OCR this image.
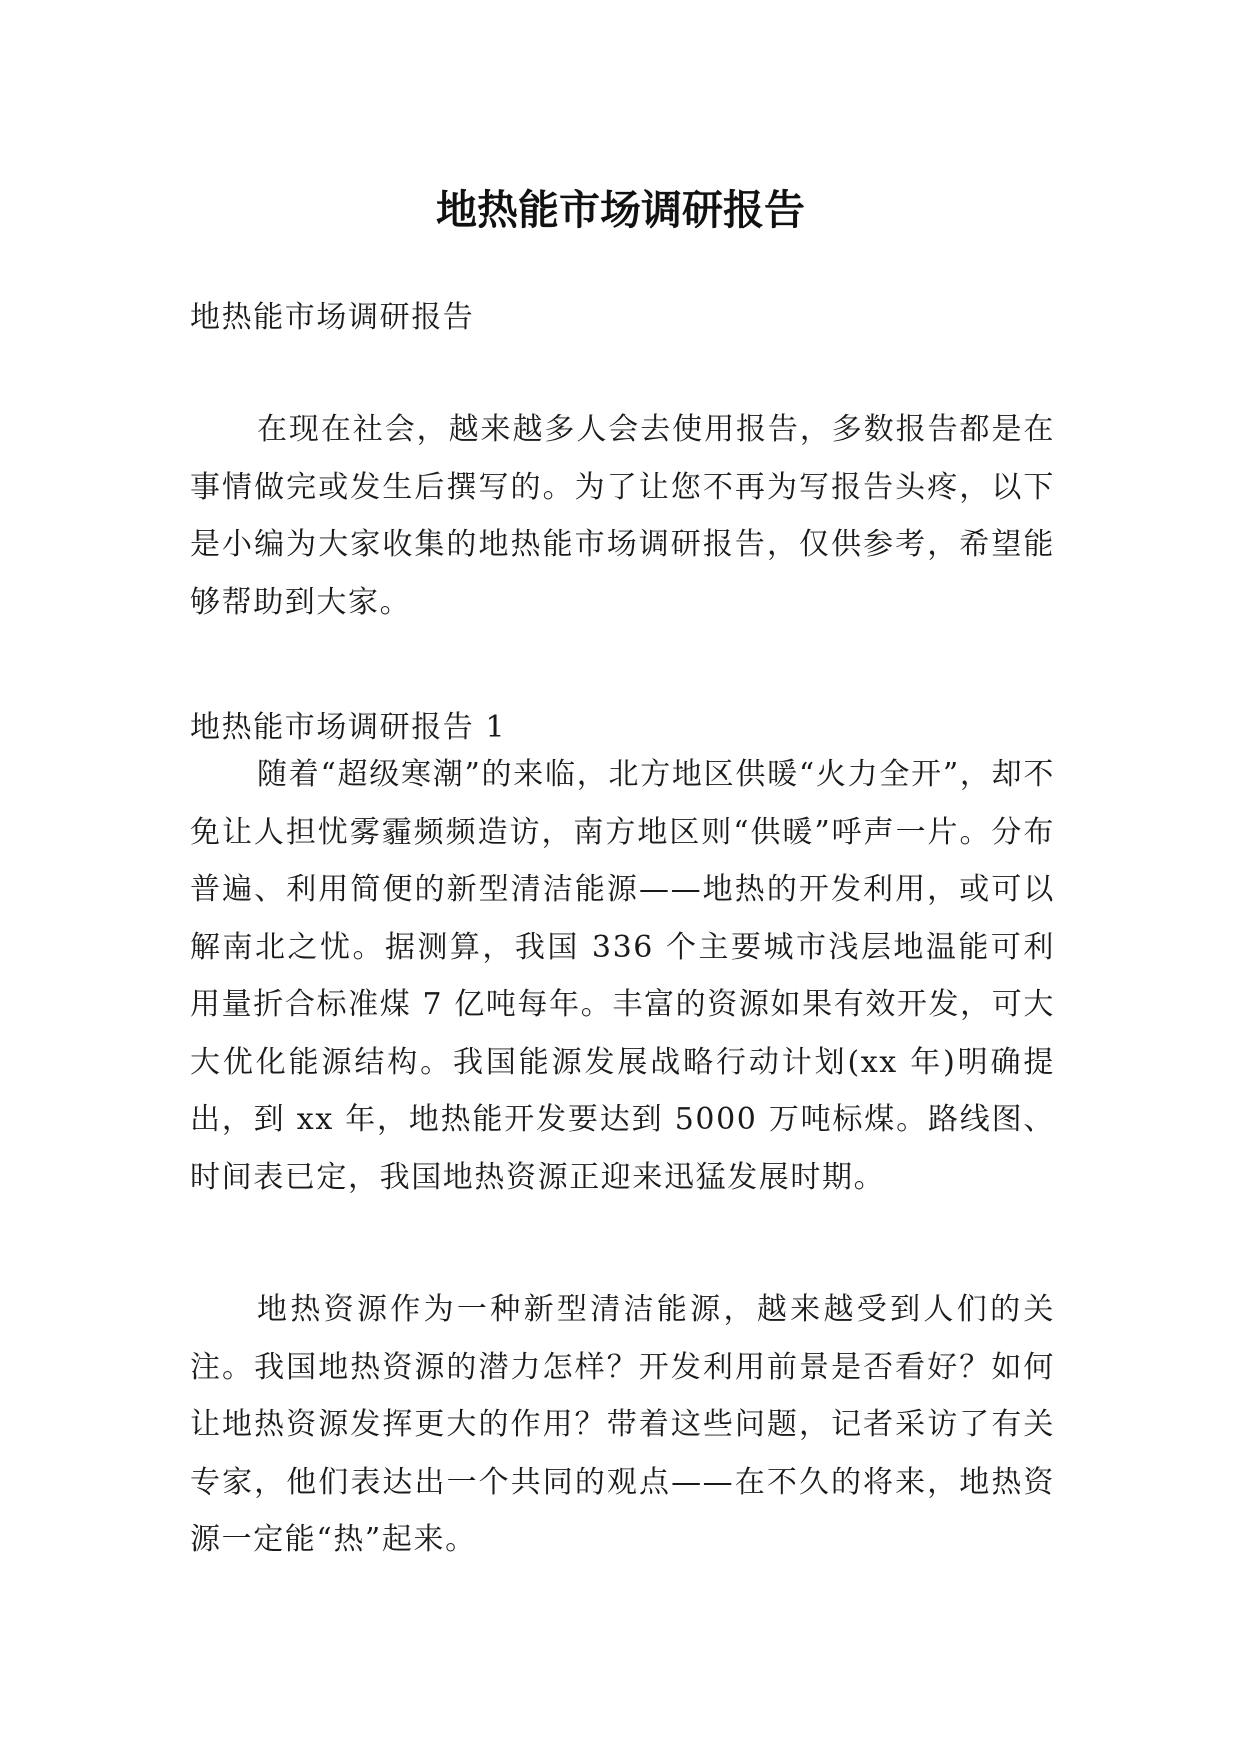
地热能市场调研报告

地热能市场调研报告

在现在社会，越来越多人会去使用报告，多数报告都是在事情做完或发生后撰写的。为了让您不再为写报告头疼，以下是小编为大家收集的地热能市场调研报告，仅供参考，希望能够帮助到大家。

地热能市场调研报告 1

随着“超级寒潮”的来临，北方地区供暖“火力全开”，却不免让人担忧雾霾频频造访，南方地区则“供暖”呼声一片。分布普遍、利用简便的新型清洁能源——地热的开发利用，或可以解南北之忧。据测算，我国 336 个主要城市浅层地温能可利用量折合标准煤 7 亿吨每年。丰富的资源如果有效开发，可大大优化能源结构。我国能源发展战略行动计划(xx 年)明确提出，到 xx 年，地热能开发要达到 5000 万吨标煤。路线图、时间表已定，我国地热资源正迎来迅猛发展时期。

地热资源作为一种新型清洁能源，越来越受到人们的关注。我国地热资源的潜力怎样？开发利用前景是否看好？如何让地热资源发挥更大的作用？带着这些问题，记者采访了有关专家，他们表达出一个共同的观点——在不久的将来，地热资源一定能“热”起来。
